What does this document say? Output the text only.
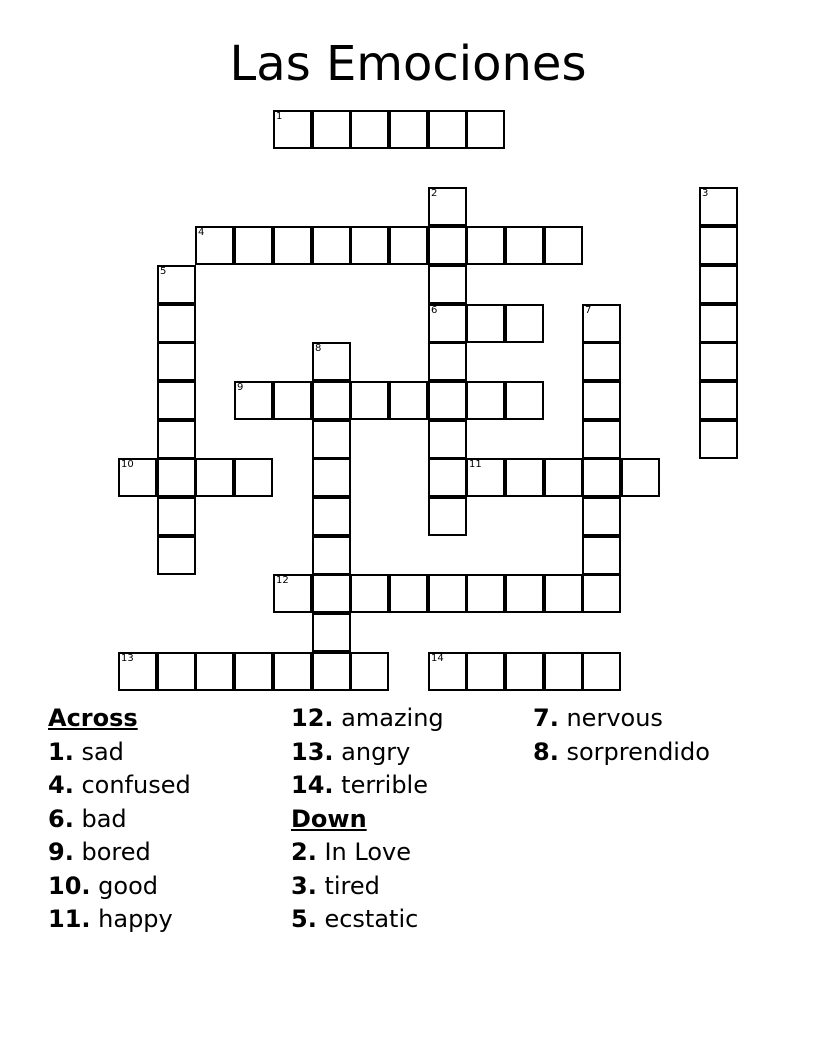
Las Emociones
1
2
6
3
4
5
7
8
9
10	11
12
13	14
Across
1. sad
4. confused
6. bad
9. bored
10. good
11. happy
12. amazing
13. angry
14. terrible
Down
2. In Love
3. tired
5. ecstatic
7. nervous
8. sorprendido
